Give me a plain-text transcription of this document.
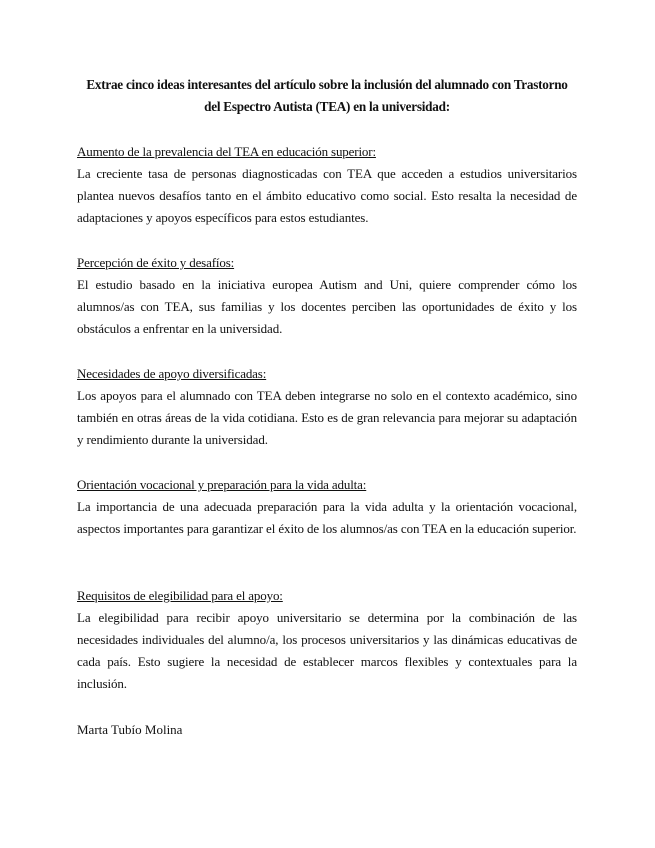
Extrae cinco ideas interesantes del artículo sobre la inclusión del alumnado con Trastorno del Espectro Autista (TEA) en la universidad:
Aumento de la prevalencia del TEA en educación superior:

La creciente tasa de personas diagnosticadas con TEA que acceden a estudios universitarios plantea nuevos desafíos tanto en el ámbito educativo como social. Esto resalta la necesidad de adaptaciones y apoyos específicos para estos estudiantes.

Percepción de éxito y desafíos:

El estudio basado en la iniciativa europea Autism and Uni, quiere comprender cómo los alumnos/as con TEA, sus familias y los docentes perciben las oportunidades de éxito y los obstáculos a enfrentar en la universidad.

Necesidades de apoyo diversificadas:

Los apoyos para el alumnado con TEA deben integrarse no solo en el contexto académico, sino también en otras áreas de la vida cotidiana. Esto es de gran relevancia para mejorar su adaptación y rendimiento durante la universidad.

Orientación vocacional y preparación para la vida adulta:

La importancia de una adecuada preparación para la vida adulta y la orientación vocacional, aspectos importantes para garantizar el éxito de los alumnos/as con TEA en la educación superior.

Requisitos de elegibilidad para el apoyo:

La elegibilidad para recibir apoyo universitario se determina por la combinación de las necesidades individuales del alumno/a, los procesos universitarios y las dinámicas educativas de cada país. Esto sugiere la necesidad de establecer marcos flexibles y contextuales para la inclusión.

Marta Tubío Molina
